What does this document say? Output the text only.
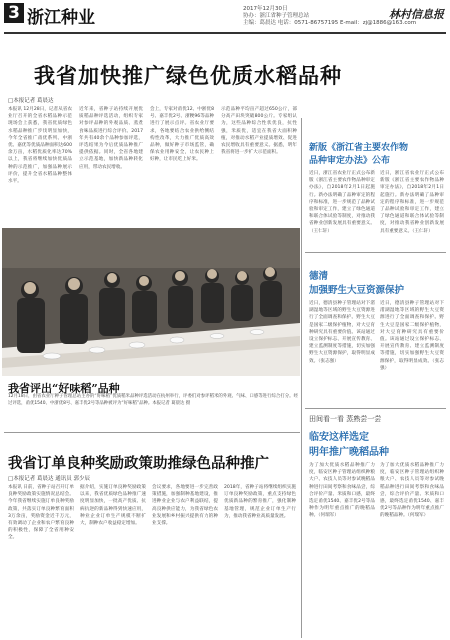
3 浙江种业	2017年12月30日
协办：浙江省种子管理总站
主编：葛晨达 电话：0571-86757195 E-mail：zj@1886@163.com
林村信息报
我省加快推广绿色优质水稻品种
□本报记者 葛晨达
本报讯 12月28日，记者从省农业厅召开的全省水稻品种示范现场会上获悉，我省优质绿色水稻品种推广步伐明显加快，今年全省推广甬优系列、中浙优、嘉优等优质品种面积达600余万亩，水稻优质化率达70%以上，我省将继续加快优质品种的示范推广，加强品种展示评价，提升全省水稻品种整体水平。
近年来，省种子站持续开展优质稻品种评选活动，组织专家对参评品种的外观品质、蒸煮食味品质进行综合评价。2017年共有40余个品种参加评选，评选结果为今后优质品种推广提供依据。同时，全省各地建立示范基地，加快新品种转化应用，带动农民增收。
会上，专家对甬优12、中浙优8号、嘉丰优2号、浙粳96等品种进行了展示点评。省农业厅要求，各地要结合农业供给侧结构性改革，大力推广优质高效品种，做好种子市场监管，确保农业用种安全，让农民种上好种，让市民吃上好米。
示范品种平均亩产超过650公斤，部分高产田块突破800公斤。专家组认为，这些品种综合性状优良，抗性强，米质优，适宜在我省大面积种植，对推动水稻产业提质增效、促进农民增收具有重要意义。据悉，明年我省将进一步扩大示范面积。
我省评出“好味稻”品种
12月18日，由省农业厅种子管理总站主办的“好味稻”优质稻米品种评选活动在杭州举行，评委们对参评稻米的外观、气味、口感等进行综合打分。经过评选，甬优1540、中浙优8号、嘉丰优2号等品种被评为“好味稻”品种。本报记者 葛晨达 摄
我省订单良种奖励政策助推绿色品种推广
□本报记者 葛晨达 通讯员 郭少辰
本报讯 日前，省种子站召开订单良种奖励政策实施情况总结会。今年我省继续实施订单良种奖励政策，共落实订单良种繁育面积3万余亩，奖励资金近千万元，有效调动了企业和农户繁育良种的积极性，保障了全省用种安全。
据介绍，实施订单良种奖励政策以来，我省优质绿色品种推广速度明显加快，一批高产优质、抗病抗逆的新品种得到快速应用，种业企业订单生产规模不断扩大，制种农户收益稳定增加。
会议要求，各地要进一步完善政策措施，加强制种基地建设，推进种业企业与农户利益联结，提高良种供应能力，为我省绿色农业发展和乡村振兴提供有力的种业支撑。
2018年，省种子站将继续组织实施订单良种奖励政策，重点支持绿色优质新品种的繁育推广，强化制种基地管理，规范企业订单生产行为，推动我省种业高质量发展。
新版《浙江省主要农作物
品种审定办法》公布
近日，浙江省农业厅正式公布新版《浙江省主要农作物品种审定办法》，自2018年2月1日起施行。新办法明确了品种审定的程序和标准，进一步规范了品种试验和审定工作，建立了绿色通道和联合体试验等制度，对推动我省种业创新发展具有重要意义。（王仁轩）
近日，浙江省农业厅正式公布新版《浙江省主要农作物品种审定办法》，自2018年2月1日起施行。新办法明确了品种审定的程序和标准，进一步规范了品种试验和审定工作，建立了绿色通道和联合体试验等制度，对推动我省种业创新发展具有重要意义。（王仁轩）
德清
加强野生大豆资源保护
近日，德清县种子管理站对下渚湖湿地等区域的野生大豆资源进行了全面调查和保护。野生大豆是国家二级保护植物，对大豆育种研究具有重要价值。该站通过设立保护标志、开展宣传教育、建立监测制度等措施，切实加强野生大豆资源保护，取得明显成效。（张志强）
近日，德清县种子管理站对下渚湖湿地等区域的野生大豆资源进行了全面调查和保护。野生大豆是国家二级保护植物，对大豆育种研究具有重要价值。该站通过设立保护标志、开展宣传教育、建立监测制度等措施，切实加强野生大豆资源保护，取得明显成效。（张志强）
田间看一看 蒸熟尝一尝
临安这样选定
明年推广晚稻品种
为了加大优质水稻品种推广力度，临安区种子管理站组织种粮大户、农技人员等对参试晚稻品种进行田间考察和食味品尝，综合评价产量、米质和口感，最终选定甬优1540、嘉丰优2号等品种作为明年重点推广的晚稻品种。（何瑞军）
为了加大优质水稻品种推广力度，临安区种子管理站组织种粮大户、农技人员等对参试晚稻品种进行田间考察和食味品尝，综合评价产量、米质和口感，最终选定甬优1540、嘉丰优2号等品种作为明年重点推广的晚稻品种。（何瑞军）
